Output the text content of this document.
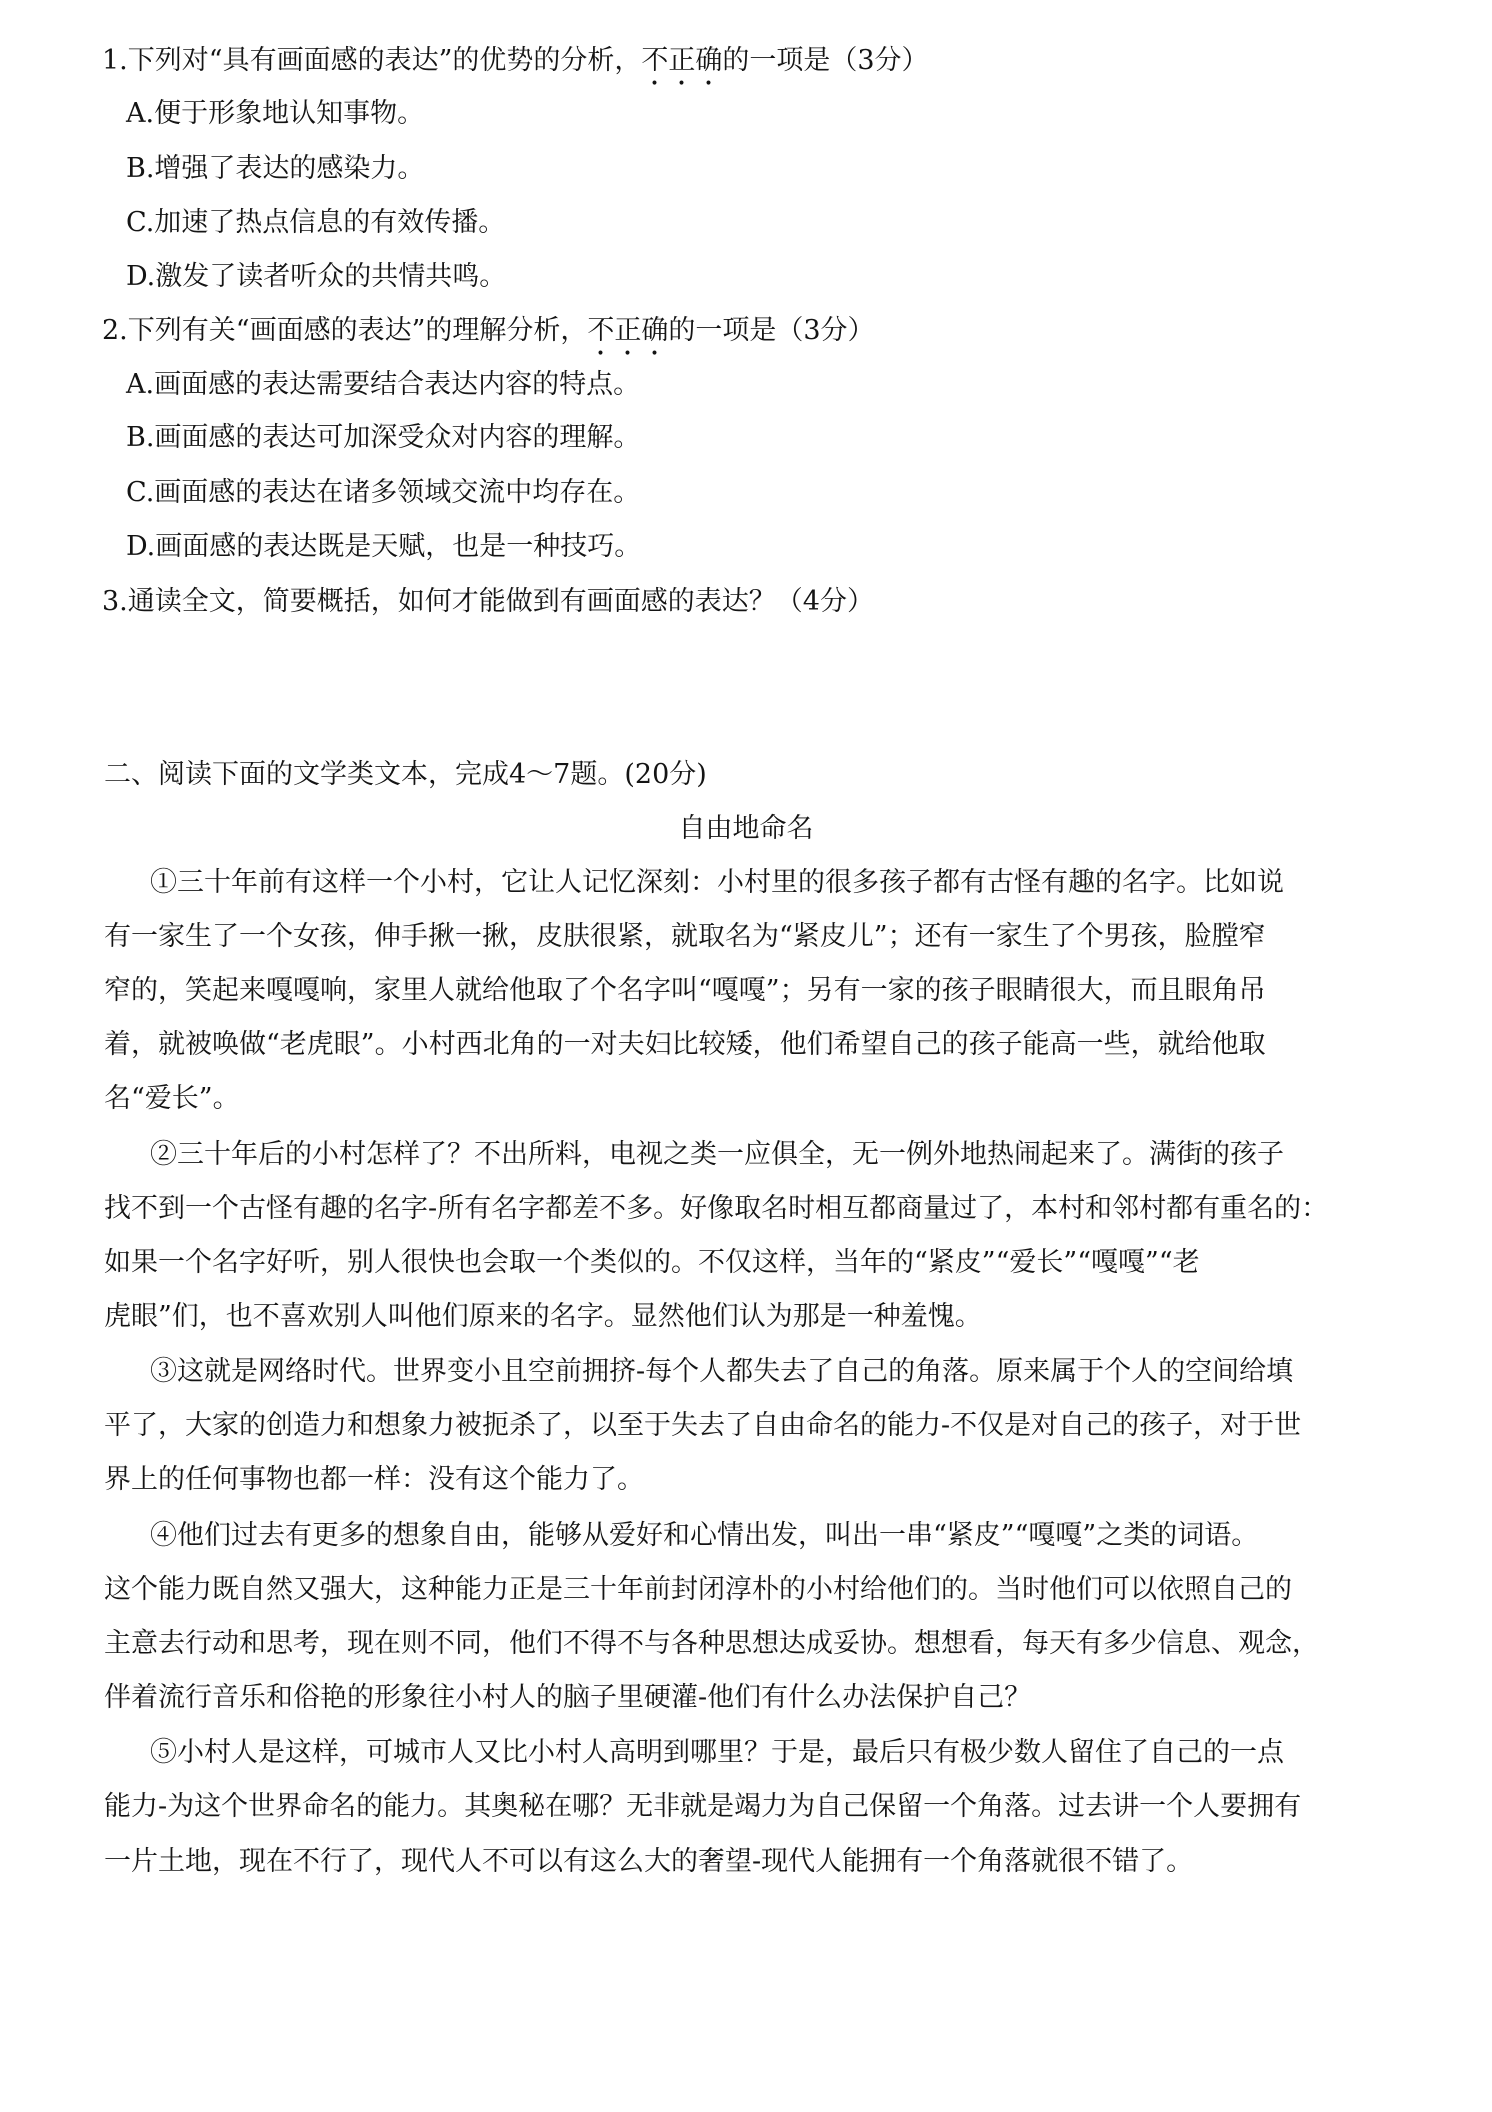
1.下列对“具有画面感的表达”的优势的分析，不正确的一项是（3分）
A.便于形象地认知事物。
B.增强了表达的感染力。
C.加速了热点信息的有效传播。
D.激发了读者听众的共情共鸣。
2.下列有关“画面感的表达”的理解分析，不正确的一项是（3分）
A.画面感的表达需要结合表达内容的特点。
B.画面感的表达可加深受众对内容的理解。
C.画面感的表达在诸多领域交流中均存在。
D.画面感的表达既是天赋，也是一种技巧。
3.通读全文，简要概括，如何才能做到有画面感的表达？（4分）
二、阅读下面的文学类文本，完成4～7题。(20分)
自由地命名
①三十年前有这样一个小村，它让人记忆深刻：小村里的很多孩子都有古怪有趣的名字。比如说
有一家生了一个女孩，伸手揪一揪，皮肤很紧，就取名为“紧皮儿”；还有一家生了个男孩，脸膛窄
窄的，笑起来嘎嘎响，家里人就给他取了个名字叫“嘎嘎”；另有一家的孩子眼睛很大，而且眼角吊
着，就被唤做“老虎眼”。小村西北角的一对夫妇比较矮，他们希望自己的孩子能高一些，就给他取
名“爱长”。
②三十年后的小村怎样了？不出所料，电视之类一应俱全，无一例外地热闹起来了。满街的孩子
找不到一个古怪有趣的名字-所有名字都差不多。好像取名时相互都商量过了，本村和邻村都有重名的：
如果一个名字好听，别人很快也会取一个类似的。不仅这样，当年的“紧皮”“爱长”“嘎嘎”“老
虎眼”们，也不喜欢别人叫他们原来的名字。显然他们认为那是一种羞愧。
③这就是网络时代。世界变小且空前拥挤-每个人都失去了自己的角落。原来属于个人的空间给填
平了，大家的创造力和想象力被扼杀了，以至于失去了自由命名的能力-不仅是对自己的孩子，对于世
界上的任何事物也都一样：没有这个能力了。
④他们过去有更多的想象自由，能够从爱好和心情出发，叫出一串“紧皮”“嘎嘎”之类的词语。
这个能力既自然又强大，这种能力正是三十年前封闭淳朴的小村给他们的。当时他们可以依照自己的
主意去行动和思考，现在则不同，他们不得不与各种思想达成妥协。想想看，每天有多少信息、观念，
伴着流行音乐和俗艳的形象往小村人的脑子里硬灌-他们有什么办法保护自己？
⑤小村人是这样，可城市人又比小村人高明到哪里？于是，最后只有极少数人留住了自己的一点
能力-为这个世界命名的能力。其奥秘在哪？无非就是竭力为自己保留一个角落。过去讲一个人要拥有
一片土地，现在不行了，现代人不可以有这么大的奢望-现代人能拥有一个角落就很不错了。
